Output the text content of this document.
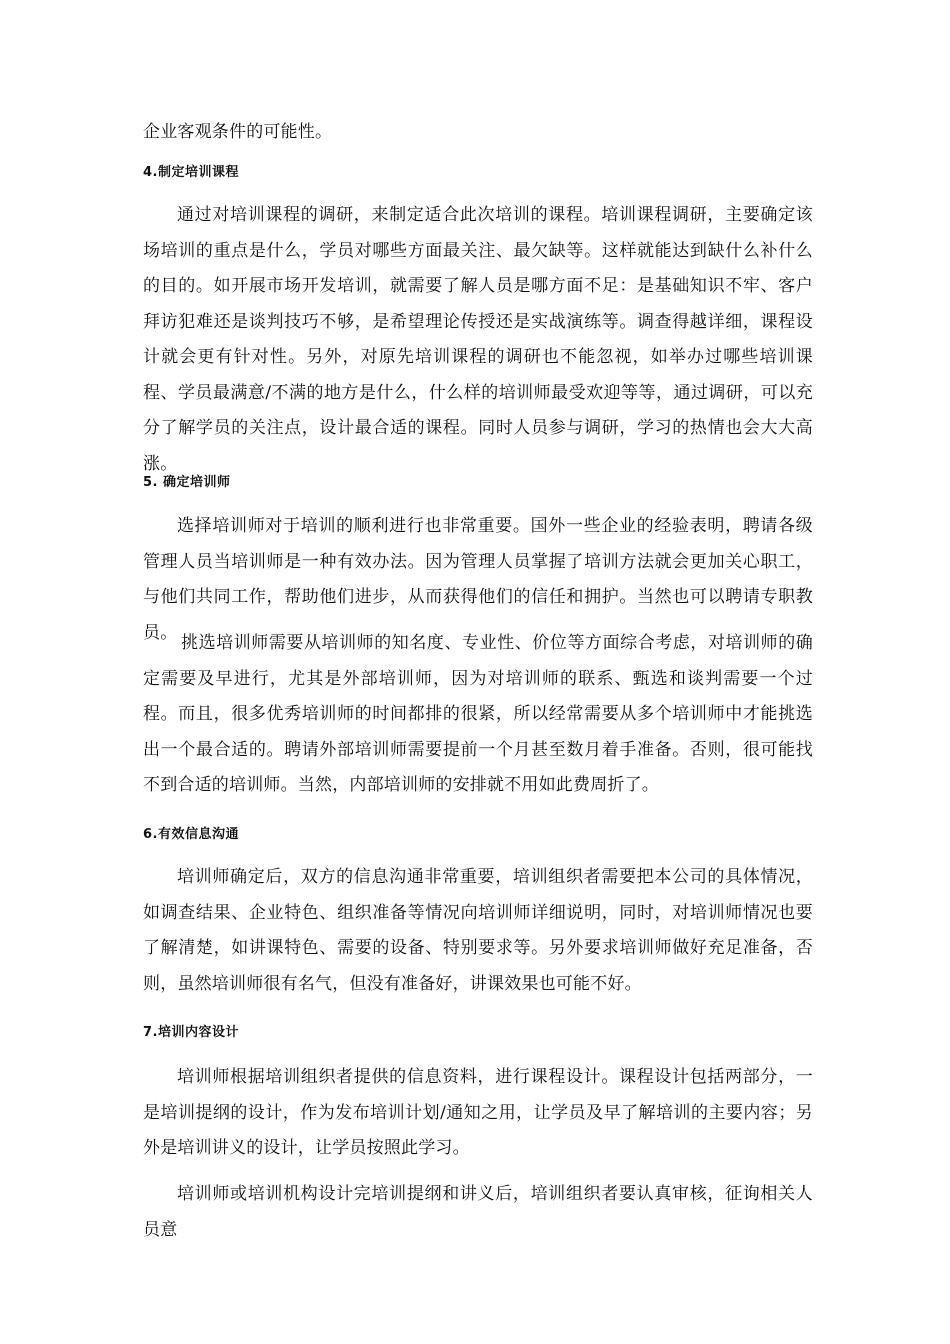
企业客观条件的可能性。

4.制定培训课程

通过对培训课程的调研，来制定适合此次培训的课程。培训课程调研，主要确定该场培训的重点是什么，学员对哪些方面最关注、最欠缺等。这样就能达到缺什么补什么的目的。如开展市场开发培训，就需要了解人员是哪方面不足：是基础知识不牢、客户拜访犯难还是谈判技巧不够，是希望理论传授还是实战演练等。调查得越详细，课程设计就会更有针对性。另外，对原先培训课程的调研也不能忽视，如举办过哪些培训课程、学员最满意/不满的地方是什么，什么样的培训师最受欢迎等等，通过调研，可以充分了解学员的关注点，设计最合适的课程。同时人员参与调研，学习的热情也会大大高涨。

5. 确定培训师

选择培训师对于培训的顺利进行也非常重要。国外一些企业的经验表明，聘请各级管理人员当培训师是一种有效办法。因为管理人员掌握了培训方法就会更加关心职工，与他们共同工作，帮助他们进步，从而获得他们的信任和拥护。当然也可以聘请专职教员。

挑选培训师需要从培训师的知名度、专业性、价位等方面综合考虑，对培训师的确定需要及早进行，尤其是外部培训师，因为对培训师的联系、甄选和谈判需要一个过程。而且，很多优秀培训师的时间都排的很紧，所以经常需要从多个培训师中才能挑选出一个最合适的。聘请外部培训师需要提前一个月甚至数月着手准备。否则，很可能找不到合适的培训师。当然，内部培训师的安排就不用如此费周折了。

6.有效信息沟通

培训师确定后，双方的信息沟通非常重要，培训组织者需要把本公司的具体情况，如调查结果、企业特色、组织准备等情况向培训师详细说明，同时，对培训师情况也要了解清楚，如讲课特色、需要的设备、特别要求等。另外要求培训师做好充足准备，否则，虽然培训师很有名气，但没有准备好，讲课效果也可能不好。

7.培训内容设计

培训师根据培训组织者提供的信息资料，进行课程设计。课程设计包括两部分，一是培训提纲的设计，作为发布培训计划/通知之用，让学员及早了解培训的主要内容；另外是培训讲义的设计，让学员按照此学习。

培训师或培训机构设计完培训提纲和讲义后，培训组织者要认真审核，征询相关人员意
